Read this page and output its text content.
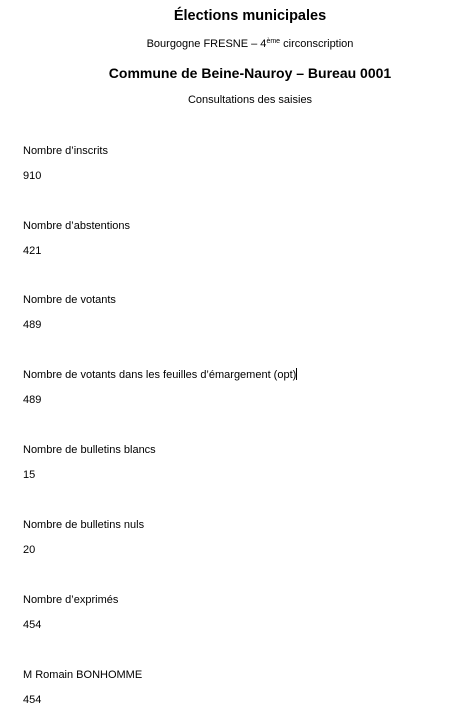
Élections municipales
Bourgogne FRESNE – 4ème circonscription
Commune de Beine-Nauroy – Bureau 0001
Consultations des saisies
Nombre d’inscrits
910
Nombre d’abstentions
421
Nombre de votants
489
Nombre de votants dans les feuilles d’émargement (opt)
489
Nombre de bulletins blancs
15
Nombre de bulletins nuls
20
Nombre d’exprimés
454
M Romain BONHOMME
454
